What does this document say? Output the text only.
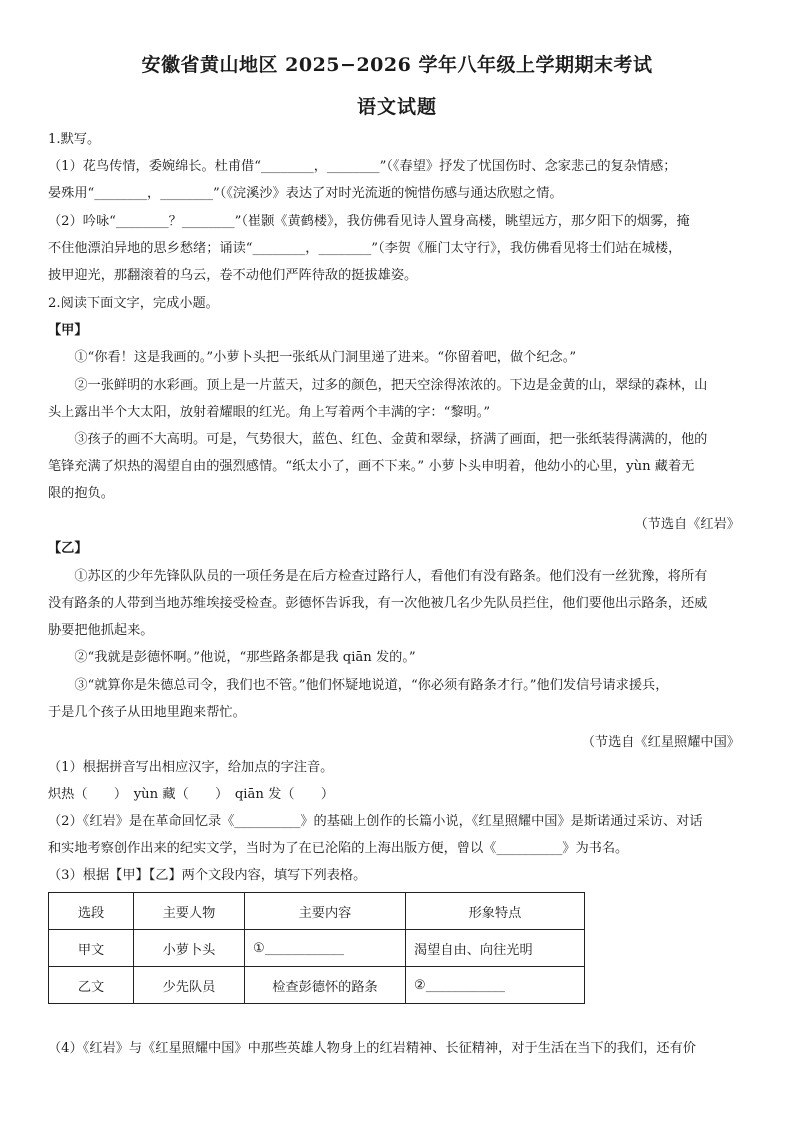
安徽省黄山地区 2025−2026 学年八年级上学期期末考试
语文试题
1.默写。
（1）花鸟传情，委婉绵长。杜甫借“________，________”（《春望》抒发了忧国伤时、念家悲己的复杂情感；
晏殊用“________，________”（《浣溪沙》表达了对时光流逝的惋惜伤感与通达欣慰之情。
（2）吟咏“________？________”（崔颢《黄鹤楼》，我仿佛看见诗人置身高楼，眺望远方，那夕阳下的烟雾，掩
不住他漂泊异地的思乡愁绪；诵读“________，________”（李贺《雁门太守行》，我仿佛看见将士们站在城楼，
披甲迎光，那翻滚着的乌云，卷不动他们严阵待敌的挺拔雄姿。
2.阅读下面文字，完成小题。
【甲】
　　①“你看！这是我画的。”小萝卜头把一张纸从门洞里递了进来。“你留着吧，做个纪念。”
　　②一张鲜明的水彩画。顶上是一片蓝天，过多的颜色，把天空涂得浓浓的。下边是金黄的山，翠绿的森林，山
头上露出半个大太阳，放射着耀眼的红光。角上写着两个丰满的字：“黎明。”
　　③孩子的画不大高明。可是，气势很大，蓝色、红色、金黄和翠绿，挤满了画面，把一张纸装得满满的，他的
笔锋充满了炽热的渴望自由的强烈感情。“纸太小了，画不下来。” 小萝卜头申明着，他幼小的心里，yùn 藏着无
限的抱负。
（节选自《红岩》
【乙】
　　①苏区的少年先锋队队员的一项任务是在后方检查过路行人，看他们有没有路条。他们没有一丝犹豫，将所有
没有路条的人带到当地苏维埃接受检查。彭德怀告诉我，有一次他被几名少先队员拦住，他们要他出示路条，还威
胁要把他抓起来。
　　②“我就是彭德怀啊。”他说，“那些路条都是我 qiān 发的。”
　　③“就算你是朱德总司令，我们也不管。”他们怀疑地说道，“你必须有路条才行。”他们发信号请求援兵，
于是几个孩子从田地里跑来帮忙。
（节选自《红星照耀中国》
（1）根据拼音写出相应汉字，给加点的字注音。
炽热（　　）　yùn 藏（　　）　qiān 发（　　）
（2）《红岩》是在革命回忆录《__________》的基础上创作的长篇小说，《红星照耀中国》是斯诺通过采访、对话
和实地考察创作出来的纪实文学，当时为了在已沦陷的上海出版方便，曾以《__________》为书名。
（3）根据【甲】【乙】两个文段内容，填写下列表格。
选段	主要人物	主要内容	形象特点
甲文	小萝卜头	①____________	渴望自由、向往光明
乙文	少先队员	检查彭德怀的路条	②____________
（4）《红岩》与《红星照耀中国》中那些英雄人物身上的红岩精神、长征精神，对于生活在当下的我们，还有价
